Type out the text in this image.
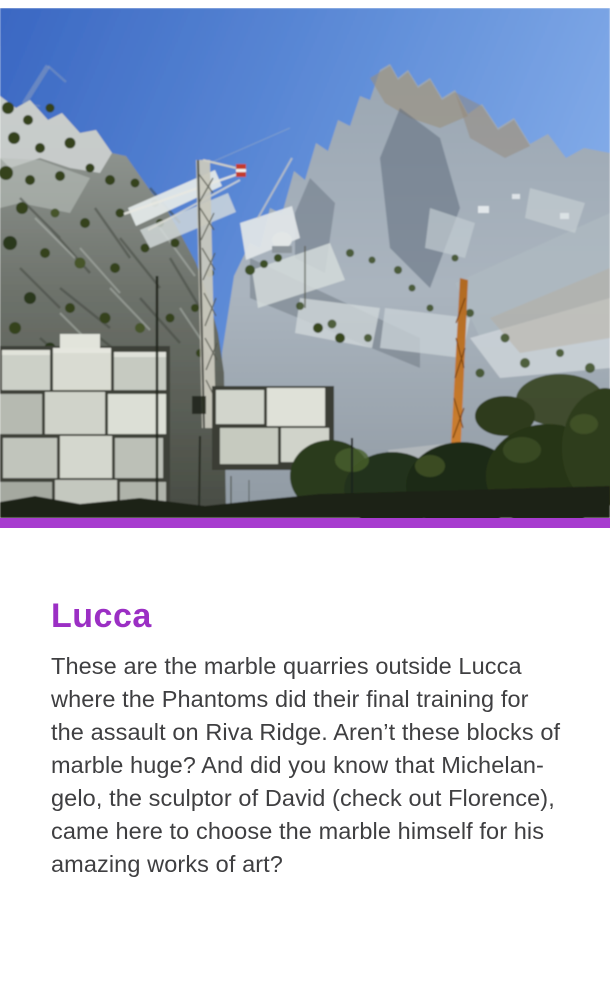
Lucca
These are the marble quarries outside Lucca
where the Phantoms did their final training for
the assault on Riva Ridge. Aren’t these blocks of
marble huge? And did you know that Michelan-
gelo, the sculptor of David (check out Florence),
came here to choose the marble himself for his
amazing works of art?
